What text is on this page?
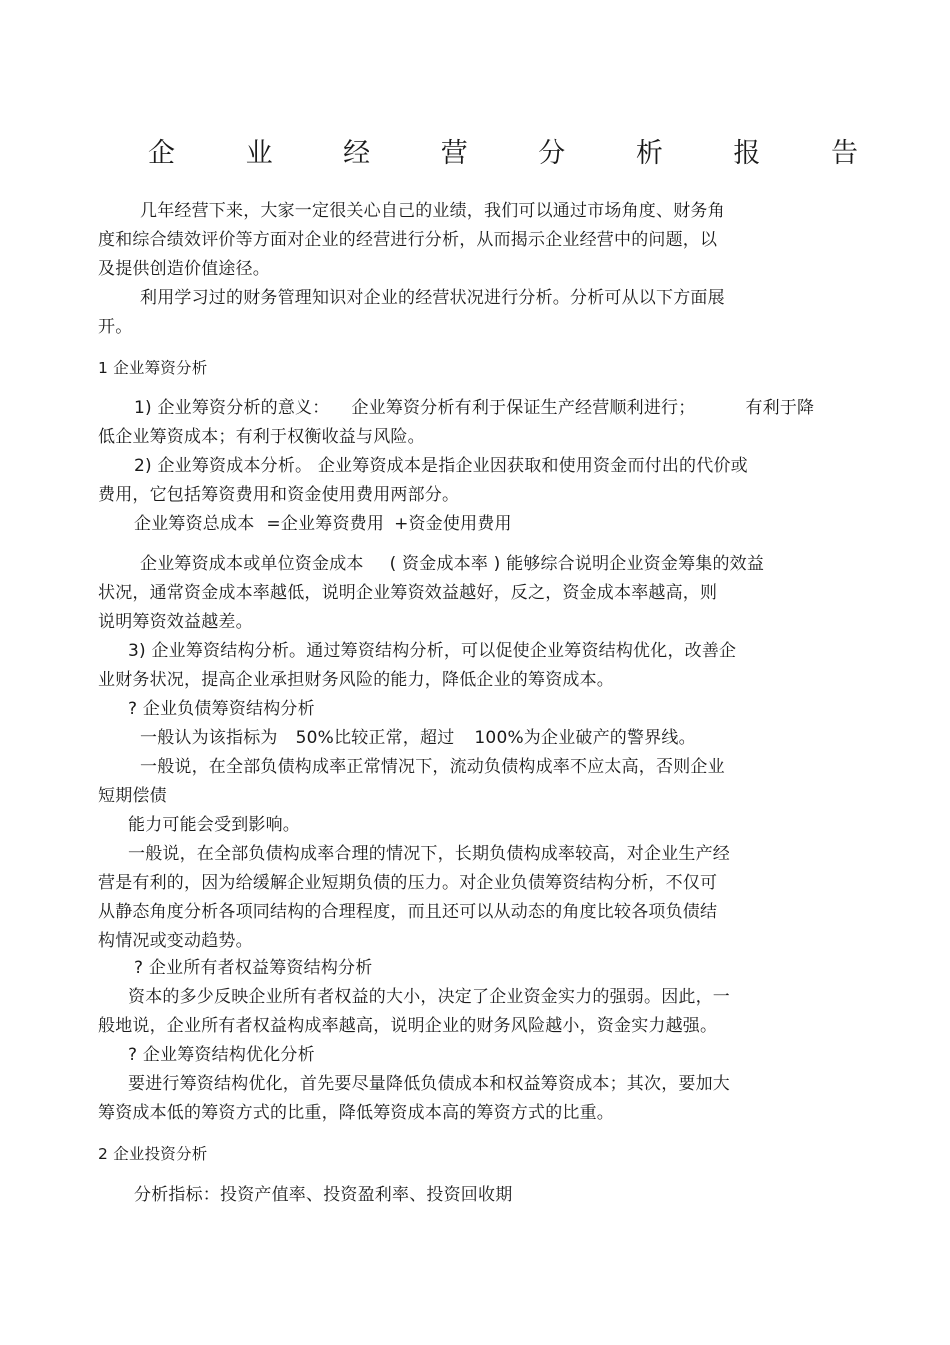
企	业	经	营	分	析	报	告
几年经营下来，大家一定很关心自己的业绩，我们可以通过市场角度、财务角
度和综合绩效评价等方面对企业的经营进行分析，从而揭示企业经营中的问题，以
及提供创造价值途径。
利用学习过的财务管理知识对企业的经营状况进行分析。分析可从以下方面展
开。
1 企业筹资分析
1) 企业筹资分析的意义： 企业筹资分析有利于保证生产经营顺利进行；	有利于降
低企业筹资成本；有利于权衡收益与风险。
2) 企业筹资成本分析。 企业筹资成本是指企业因获取和使用资金而付出的代价或
费用，它包括筹资费用和资金使用费用两部分。
企业筹资总成本 =企业筹资费用 +资金使用费用
企业筹资成本或单位资金成本 ( 资金成本率 ) 能够综合说明企业资金筹集的效益
状况，通常资金成本率越低，说明企业筹资效益越好，反之，资金成本率越高，则
说明筹资效益越差。
3) 企业筹资结构分析。通过筹资结构分析，可以促使企业筹资结构优化，改善企
业财务状况，提高企业承担财务风险的能力，降低企业的筹资成本。
? 企业负债筹资结构分析
一般认为该指标为 50%比较正常，超过 100%为企业破产的警界线。
一般说，在全部负债构成率正常情况下，流动负债构成率不应太高，否则企业
短期偿债
能力可能会受到影响。
一般说，在全部负债构成率合理的情况下，长期负债构成率较高，对企业生产经
营是有利的，因为给缓解企业短期负债的压力。对企业负债筹资结构分析，不仅可
从静态角度分析各项同结构的合理程度，而且还可以从动态的角度比较各项负债结
构情况或变动趋势。
? 企业所有者权益筹资结构分析
资本的多少反映企业所有者权益的大小，决定了企业资金实力的强弱。因此，一
般地说，企业所有者权益构成率越高，说明企业的财务风险越小，资金实力越强。
? 企业筹资结构优化分析
要进行筹资结构优化，首先要尽量降低负债成本和权益筹资成本；其次，要加大
筹资成本低的筹资方式的比重，降低筹资成本高的筹资方式的比重。
2 企业投资分析
分析指标：投资产值率、投资盈利率、投资回收期
